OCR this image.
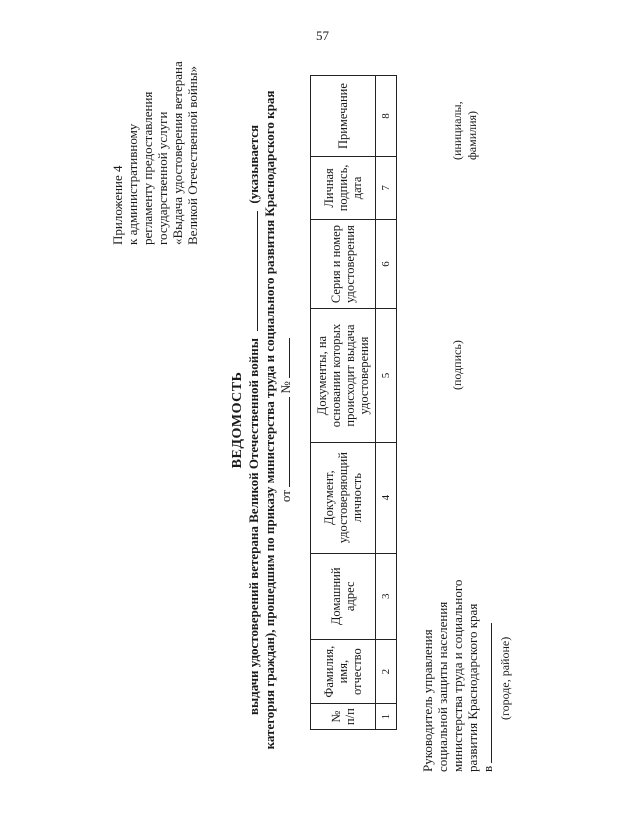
57
Приложение 4 к административному регламенту предоставления государственной услуги «Выдача удостоверения ветерана Великой Отечественной войны»
ВЕДОМОСТЬ выдачи удостоверений ветерана Великой Отечественной войны  (указывается категория граждан), прошедшим по приказу министерства труда и социального развития Краснодарского края от  №
№ п/п	Фамилия, имя, отчество	Домашний адрес	Документ, удостоверяющий личность	Документы, на основании которых происходит выдача удостоверения	Серия и номер удостоверения	Личная подпись, дата	Примечание
1	2	3	4	5	6	7	8
Руководитель управления социальной защиты населения министерства труда и социального развития Краснодарского края в
(городе, районе)
(подпись)
(инициалы, фамилия)
